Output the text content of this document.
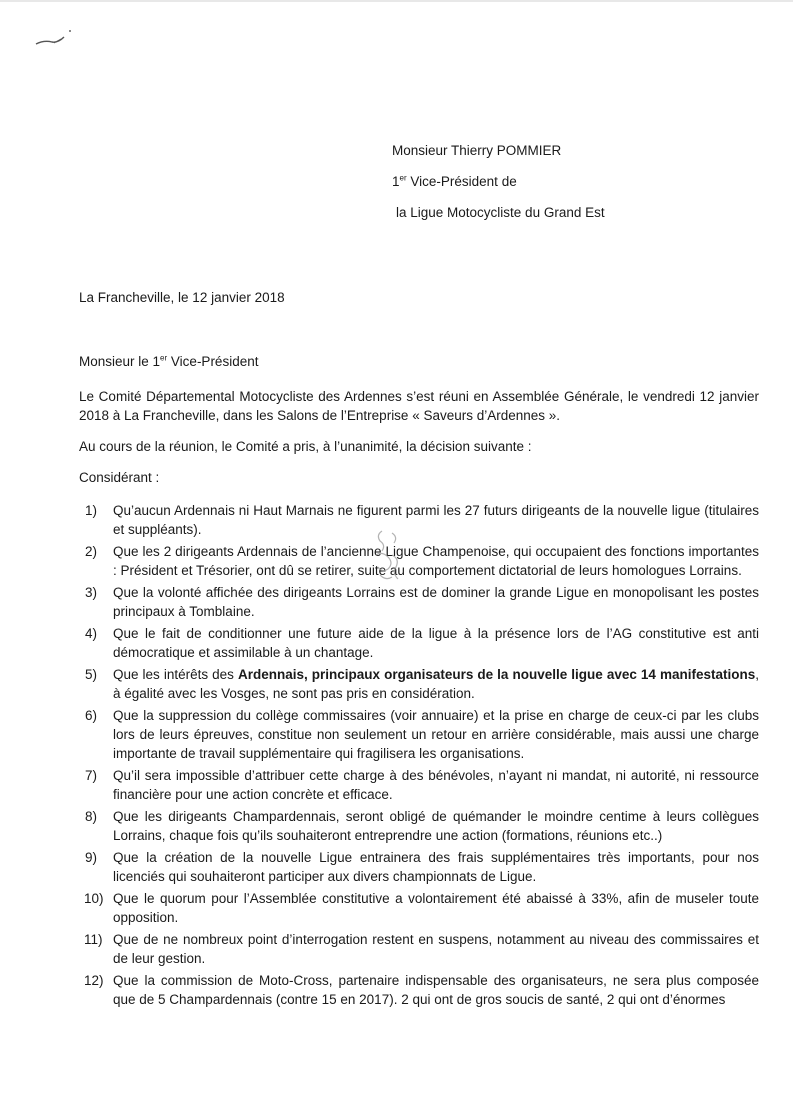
Monsieur Thierry POMMIER
1er Vice-Président de
la Ligue Motocycliste du Grand Est
La Francheville, le 12 janvier 2018

Monsieur le 1er Vice-Président

Le Comité Départemental Motocycliste des Ardennes s’est réuni en Assemblée Générale, le vendredi 12 janvier 2018 à La Francheville, dans les Salons de l’Entreprise « Saveurs d’Ardennes ».

Au cours de la réunion, le Comité a pris, à l’unanimité, la décision suivante :

Considérant :

1) Qu’aucun Ardennais ni Haut Marnais ne figurent parmi les 27 futurs dirigeants de la nouvelle ligue (titulaires et suppléants).
2) Que les 2 dirigeants Ardennais de l’ancienne Ligue Champenoise, qui occupaient des fonctions importantes : Président et Trésorier, ont dû se retirer, suite au comportement dictatorial de leurs homologues Lorrains.
3) Que la volonté affichée des dirigeants Lorrains est de dominer la grande Ligue en monopolisant les postes principaux à Tomblaine.
4) Que le fait de conditionner une future aide de la ligue à la présence lors de l’AG constitutive est anti démocratique et assimilable à un chantage.
5) Que les intérêts des Ardennais, principaux organisateurs de la nouvelle ligue avec 14 manifestations, à égalité avec les Vosges, ne sont pas pris en considération.
6) Que la suppression du collège commissaires (voir annuaire) et la prise en charge de ceux-ci par les clubs lors de leurs épreuves, constitue non seulement un retour en arrière considérable, mais aussi une charge importante de travail supplémentaire qui fragilisera les organisations.
7) Qu’il sera impossible d’attribuer cette charge à des bénévoles, n’ayant ni mandat, ni autorité, ni ressource financière pour une action concrète et efficace.
8) Que les dirigeants Champardennais, seront obligé de quémander le moindre centime à leurs collègues Lorrains, chaque fois qu’ils souhaiteront entreprendre une action (formations, réunions etc..)
9) Que la création de la nouvelle Ligue entrainera des frais supplémentaires très importants, pour nos licenciés qui souhaiteront participer aux divers championnats de Ligue.
10) Que le quorum pour l’Assemblée constitutive a volontairement été abaissé à 33%, afin de museler toute opposition.
11) Que de ne nombreux point d’interrogation restent en suspens, notamment au niveau des commissaires et de leur gestion.
12) Que la commission de Moto-Cross, partenaire indispensable des organisateurs, ne sera plus composée que de 5 Champardennais (contre 15 en 2017). 2 qui ont de gros soucis de santé, 2 qui ont d’énormes
